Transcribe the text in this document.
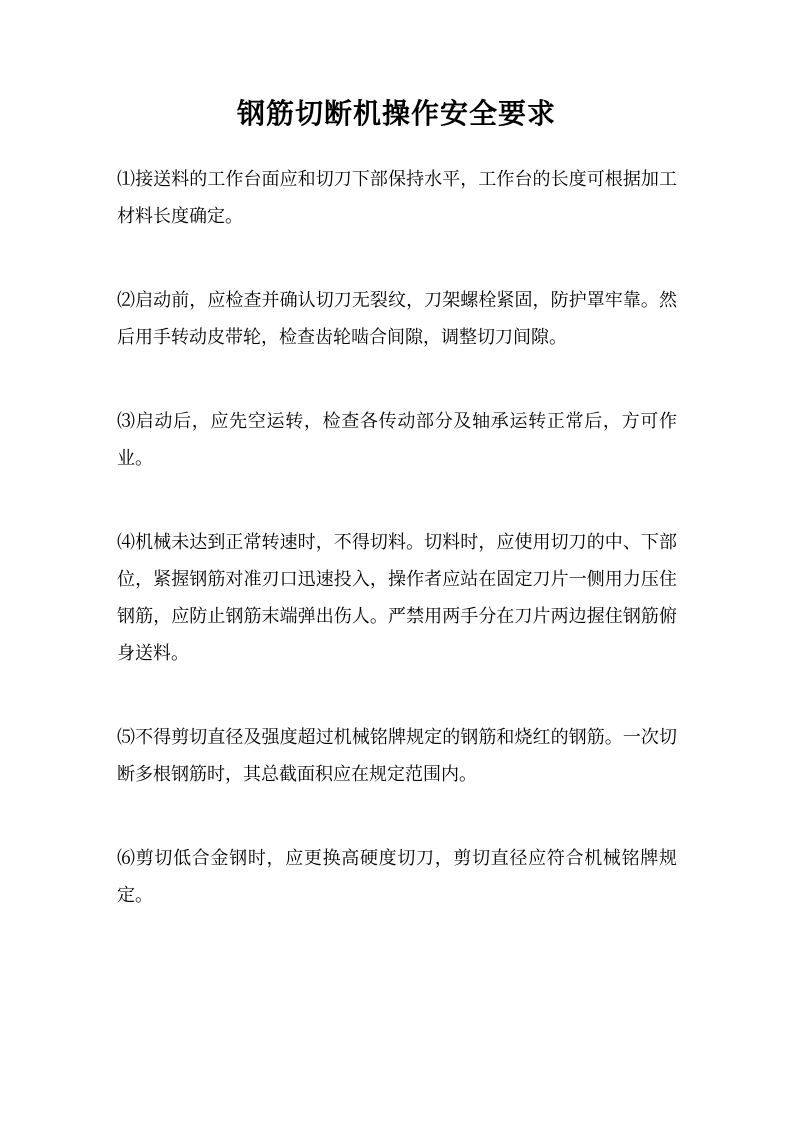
钢筋切断机操作安全要求

⑴接送料的工作台面应和切刀下部保持水平，工作台的长度可根据加工材料长度确定。

⑵启动前，应检查并确认切刀无裂纹，刀架螺栓紧固，防护罩牢靠。然后用手转动皮带轮，检查齿轮啮合间隙，调整切刀间隙。

⑶启动后，应先空运转，检查各传动部分及轴承运转正常后，方可作业。

⑷机械未达到正常转速时，不得切料。切料时，应使用切刀的中、下部位，紧握钢筋对准刃口迅速投入，操作者应站在固定刀片一侧用力压住钢筋，应防止钢筋末端弹出伤人。严禁用两手分在刀片两边握住钢筋俯身送料。

⑸不得剪切直径及强度超过机械铭牌规定的钢筋和烧红的钢筋。一次切断多根钢筋时，其总截面积应在规定范围内。

⑹剪切低合金钢时，应更换高硬度切刀，剪切直径应符合机械铭牌规定。
